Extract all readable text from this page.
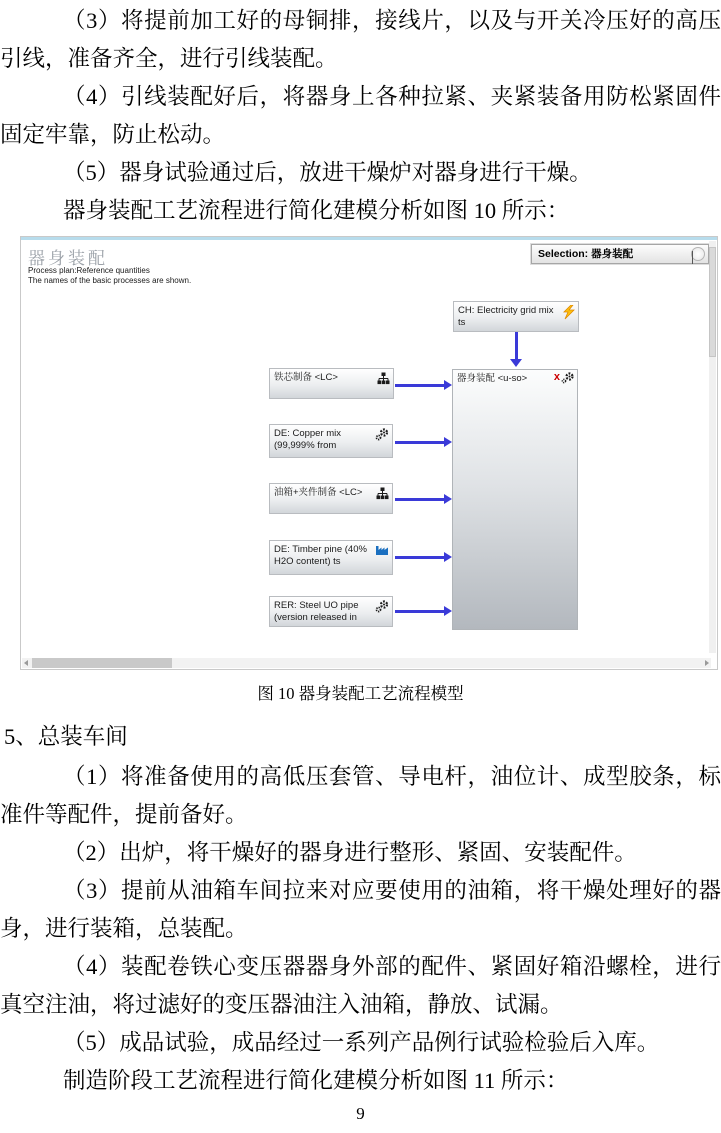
（3）将提前加工好的母铜排，接线片，以及与开关冷压好的高压引线，准备齐全，进行引线装配。

（4）引线装配好后，将器身上各种拉紧、夹紧装备用防松紧固件固定牢靠，防止松动。

（5）器身试验通过后，放进干燥炉对器身进行干燥。

器身装配工艺流程进行简化建模分析如图 10 所示：

器身装配
Process plan:Reference quantities
The names of the basic processes are shown.
Selection: 器身装配
CH: Electricity grid mix ts
铁芯制备 <LC>
DE: Copper mix (99,999% from
油箱+夹件制备 <LC>
DE: Timber pine (40% H2O content) ts
RER: Steel UO pipe (version released in
器身装配 <u-so> x
图 10 器身装配工艺流程模型
5、总装车间

（1）将准备使用的高低压套管、导电杆，油位计、成型胶条，标准件等配件，提前备好。

（2）出炉，将干燥好的器身进行整形、紧固、安装配件。

（3）提前从油箱车间拉来对应要使用的油箱，将干燥处理好的器身，进行装箱，总装配。

（4）装配卷铁心变压器器身外部的配件、紧固好箱沿螺栓，进行真空注油，将过滤好的变压器油注入油箱，静放、试漏。

（5）成品试验，成品经过一系列产品例行试验检验后入库。

制造阶段工艺流程进行简化建模分析如图 11 所示：

9
